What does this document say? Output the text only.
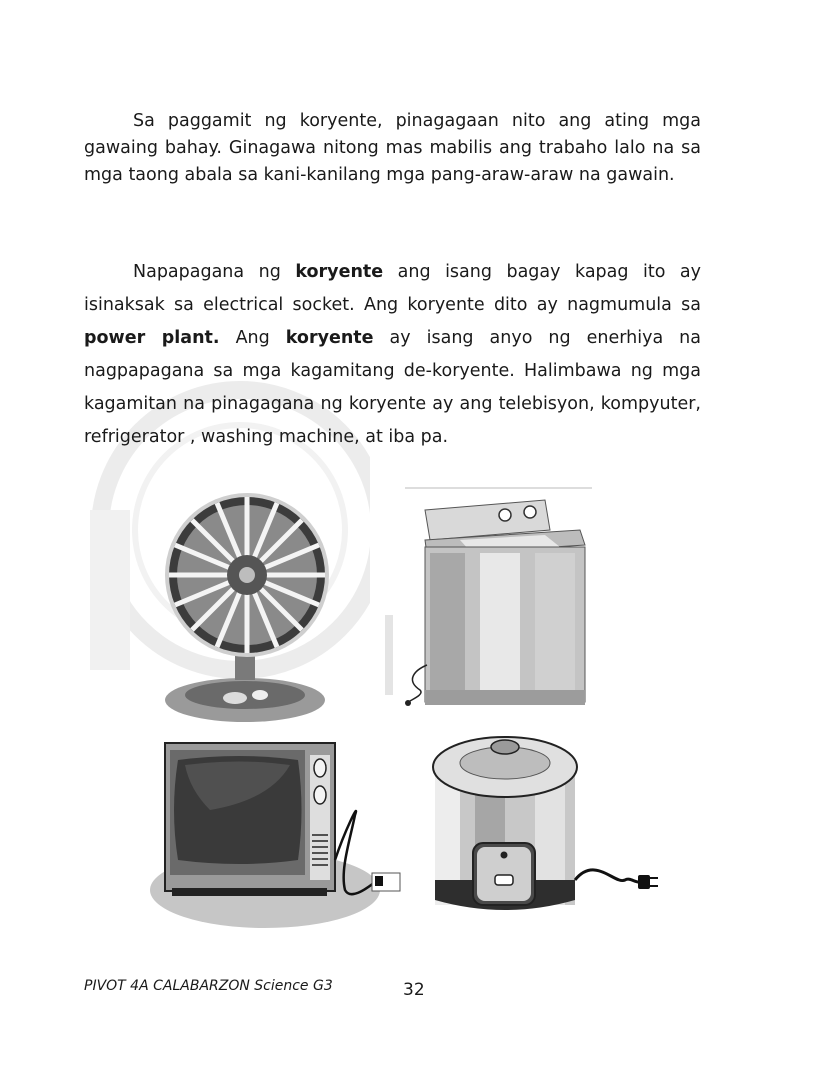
Sa paggamit ng koryente, pinagagaan nito ang ating mga gawaing bahay. Ginagawa nitong mas mabilis ang trabaho lalo na sa mga taong abala sa kani-kanilang mga pang-araw-araw na gawain.

Napapagana ng koryente ang isang bagay kapag ito ay isinaksak sa electrical socket. Ang koryente dito ay nagmumula sa power plant. Ang koryente ay isang anyo ng enerhiya na nagpapagana sa mga kagamitang de-koryente. Halimbawa ng mga kagamitan na pinagagana ng koryente ay ang telebisyon, kompyuter, refrigerator , washing machine, at iba pa.

PIVOT 4A CALABARZON Science G3	32
